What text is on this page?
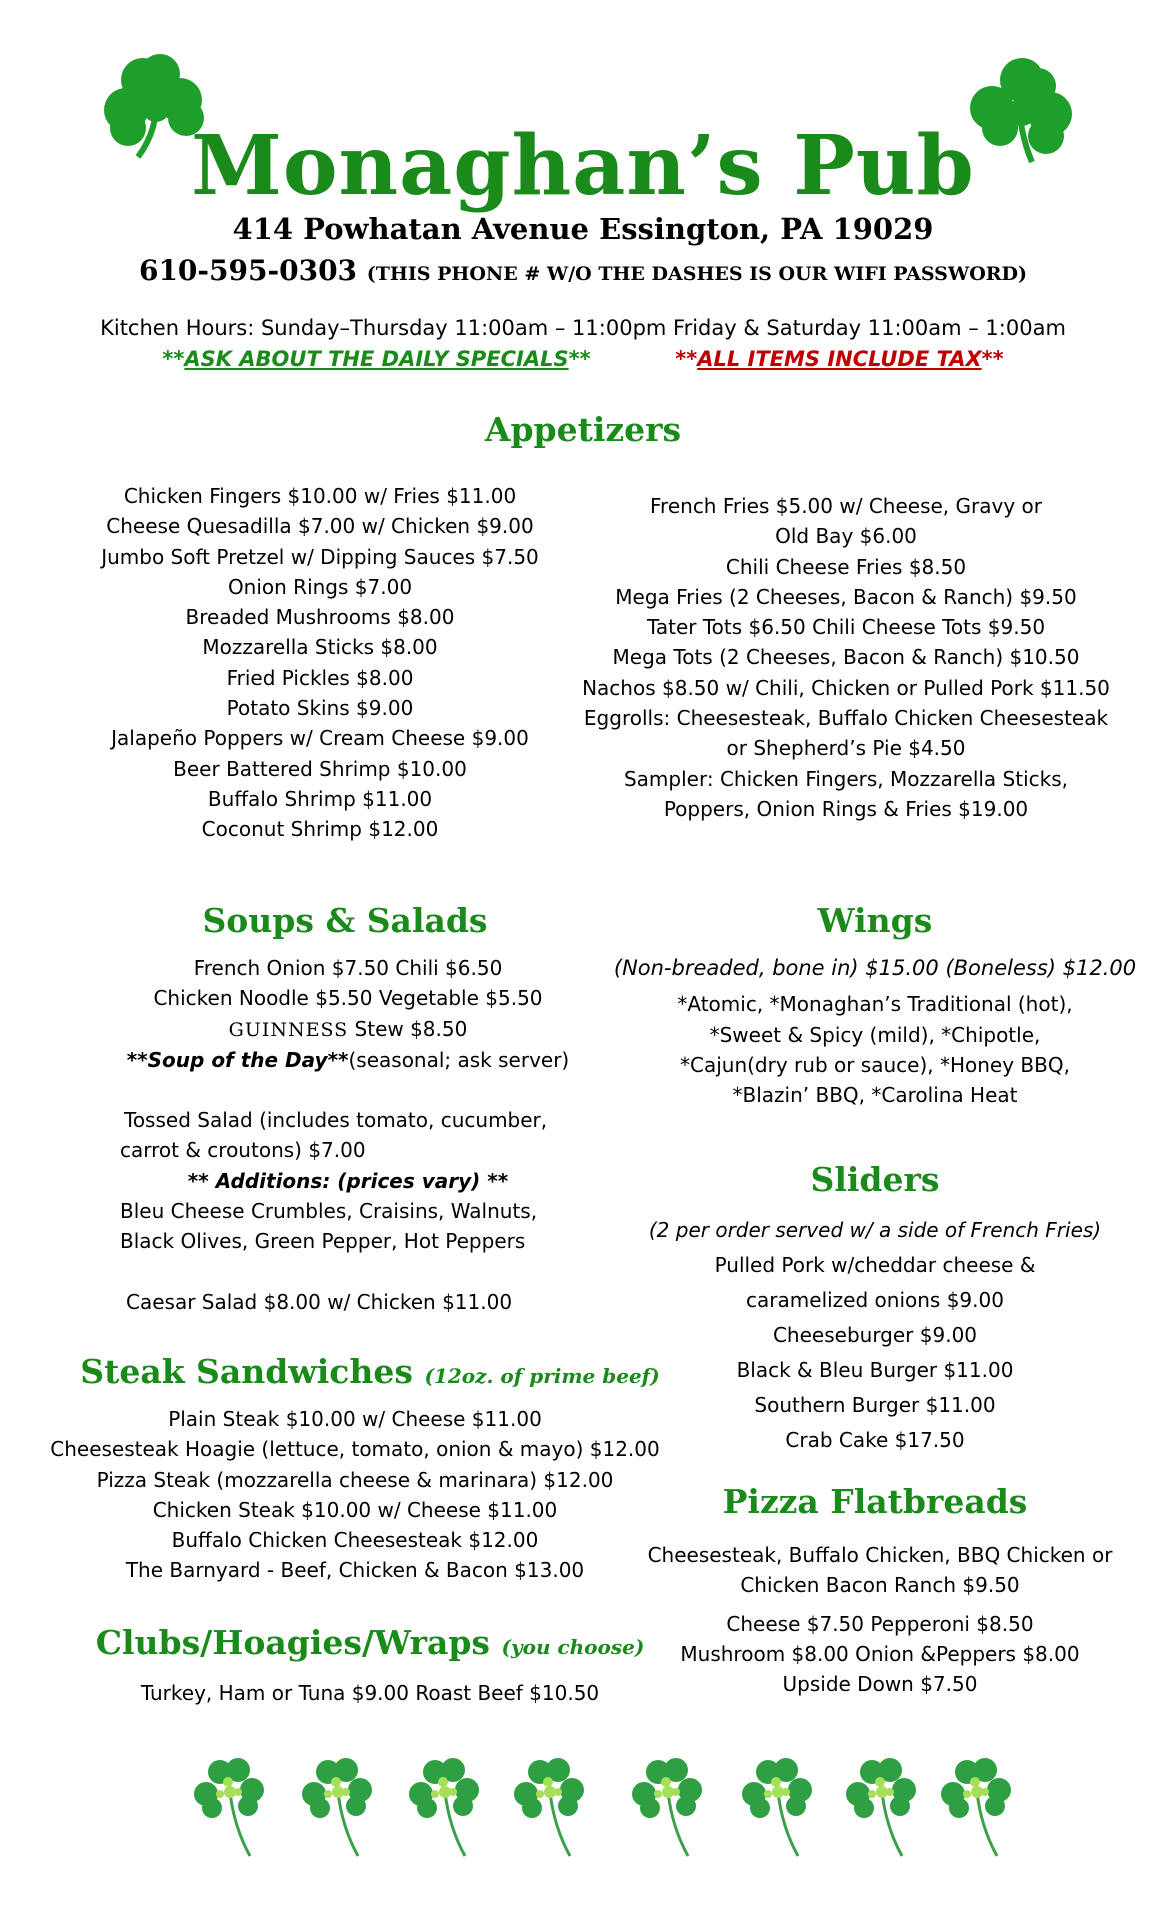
Monaghan’s Pub
414 Powhatan Avenue Essington, PA 19029
610-595-0303 (THIS PHONE # W/O THE DASHES IS OUR WIFI PASSWORD)
Kitchen Hours: Sunday–Thursday 11:00am – 11:00pm Friday & Saturday 11:00am – 1:00am
**ASK ABOUT THE DAILY SPECIALS**	**ALL ITEMS INCLUDE TAX**
Appetizers
Chicken Fingers $10.00 w/ Fries $11.00
Cheese Quesadilla $7.00 w/ Chicken $9.00
Jumbo Soft Pretzel w/ Dipping Sauces $7.50
Onion Rings $7.00
Breaded Mushrooms $8.00
Mozzarella Sticks $8.00
Fried Pickles $8.00
Potato Skins $9.00
Jalapeño Poppers w/ Cream Cheese $9.00
Beer Battered Shrimp $10.00
Buffalo Shrimp $11.00
Coconut Shrimp $12.00
French Fries $5.00 w/ Cheese, Gravy or
Old Bay $6.00
Chili Cheese Fries $8.50
Mega Fries (2 Cheeses, Bacon & Ranch) $9.50
Tater Tots $6.50 Chili Cheese Tots $9.50
Mega Tots (2 Cheeses, Bacon & Ranch) $10.50
Nachos $8.50 w/ Chili, Chicken or Pulled Pork $11.50
Eggrolls: Cheesesteak, Buffalo Chicken Cheesesteak
or Shepherd’s Pie $4.50
Sampler: Chicken Fingers, Mozzarella Sticks,
Poppers, Onion Rings & Fries $19.00
Soups & Salads
French Onion $7.50 Chili $6.50
Chicken Noodle $5.50 Vegetable $5.50
GUINNESS Stew $8.50
**Soup of the Day**(seasonal; ask server)
Tossed Salad (includes tomato, cucumber,
carrot & croutons) $7.00
** Additions: (prices vary) **
Bleu Cheese Crumbles, Craisins, Walnuts,
Black Olives, Green Pepper, Hot Peppers
Caesar Salad $8.00 w/ Chicken $11.00
Wings
(Non-breaded, bone in) $15.00 (Boneless) $12.00
*Atomic, *Monaghan’s Traditional (hot),
*Sweet & Spicy (mild), *Chipotle,
*Cajun(dry rub or sauce), *Honey BBQ,
*Blazin’ BBQ, *Carolina Heat
Sliders
(2 per order served w/ a side of French Fries)
Pulled Pork w/cheddar cheese &
caramelized onions $9.00
Cheeseburger $9.00
Black & Bleu Burger $11.00
Southern Burger $11.00
Crab Cake $17.50
Steak Sandwiches (12oz. of prime beef)
Plain Steak $10.00 w/ Cheese $11.00
Cheesesteak Hoagie (lettuce, tomato, onion & mayo) $12.00
Pizza Steak (mozzarella cheese & marinara) $12.00
Chicken Steak $10.00 w/ Cheese $11.00
Buffalo Chicken Cheesesteak $12.00
The Barnyard - Beef, Chicken & Bacon $13.00
Pizza Flatbreads
Cheesesteak, Buffalo Chicken, BBQ Chicken or
Chicken Bacon Ranch $9.50
Cheese $7.50 Pepperoni $8.50
Mushroom $8.00 Onion &Peppers $8.00
Upside Down $7.50
Clubs/Hoagies/Wraps (you choose)
Turkey, Ham or Tuna $9.00 Roast Beef $10.50
